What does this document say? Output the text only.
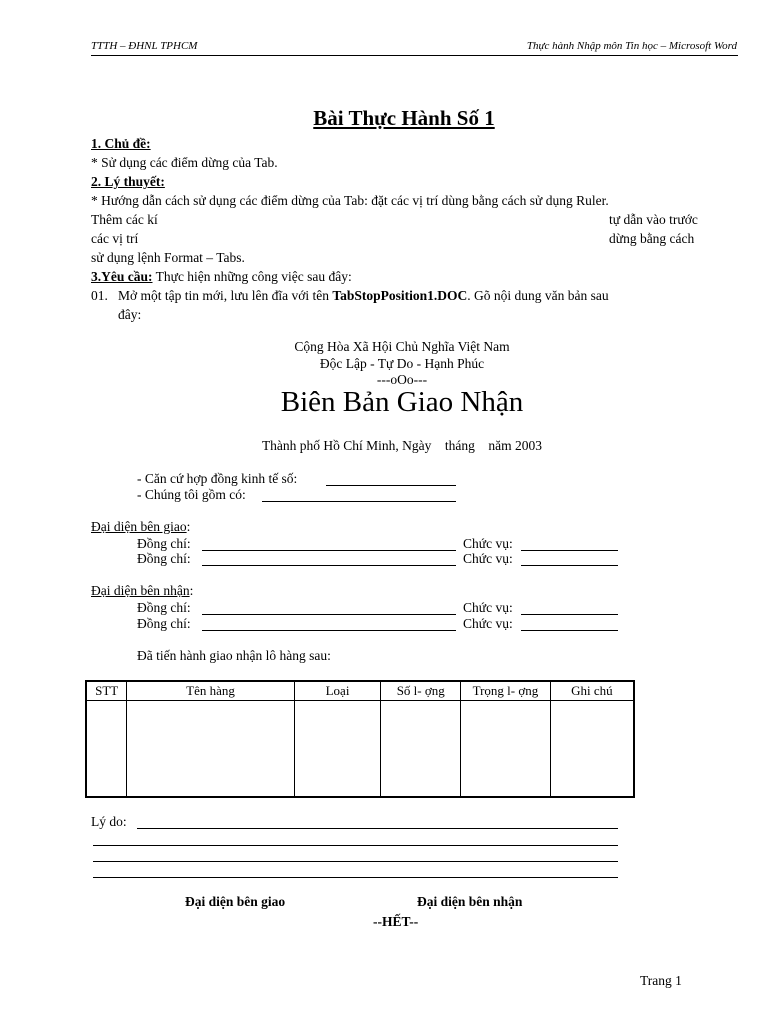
TTTH – ĐHNL TPHCM	Thực hành Nhập môn Tin học – Microsoft Word
Bài Thực Hành Số 1
1. Chủ đề:
* Sử dụng các điểm dừng của Tab.
2. Lý thuyết:
* Hướng dẫn cách sử dụng các điểm dừng của Tab: đặt các vị trí dùng bằng cách sử dụng Ruler.
Thêm các kí	tự dẫn vào trước
các vị trí	dừng bằng cách
sử dụng lệnh Format – Tabs.
3.Yêu cầu: Thực hiện những công việc sau đây:
01. Mở một tập tin mới, lưu lên đĩa với tên TabStopPosition1.DOC. Gõ nội dung văn bản sau
đây:
Cộng Hòa Xã Hội Chủ Nghĩa Việt Nam
Độc Lập - Tự Do - Hạnh Phúc
---oOo---
Biên Bản Giao Nhận
Thành phố Hồ Chí Minh, Ngày    tháng    năm 2003
- Căn cứ hợp đồng kinh tế số:
- Chúng tôi gồm có:
Đại diện bên giao:
Đồng chí:	Chức vụ:
Đồng chí:	Chức vụ:
Đại diện bên nhận:
Đồng chí:	Chức vụ:
Đồng chí:	Chức vụ:
Đã tiến hành giao nhận lô hàng sau:
STT	Tên hàng	Loại	Số l- ợng	Trọng l- ợng	Ghi chú

Lý do:
Đại diện bên giao	Đại diện bên nhận
--HẾT--
Trang 1
